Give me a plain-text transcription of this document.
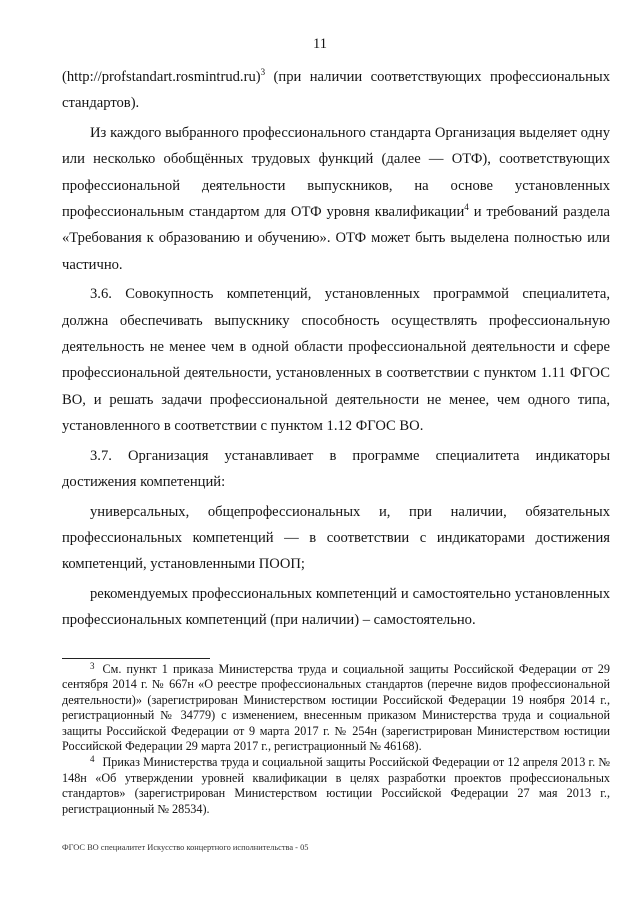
11

(http://profstandart.rosmintrud.ru)$^3$ (при наличии соответствующих профессиональных стандартов).

Из каждого выбранного профессионального стандарта Организация выделяет одну или несколько обобщённых трудовых функций (далее — ОТФ), соответствующих профессиональной деятельности выпускников, на основе установленных профессиональным стандартом для ОТФ уровня квалификации$^4$ и требований раздела «Требования к образованию и обучению». ОТФ может быть выделена полностью или частично.

3.6. Совокупность компетенций, установленных программой специалитета, должна обеспечивать выпускнику способность осуществлять профессиональную деятельность не менее чем в одной области профессиональной деятельности и сфере профессиональной деятельности, установленных в соответствии с пунктом 1.11 ФГОС ВО, и решать задачи профессиональной деятельности не менее, чем одного типа, установленного в соответствии с пунктом 1.12 ФГОС ВО.

3.7. Организация устанавливает в программе специалитета индикаторы достижения компетенций:

универсальных, общепрофессиональных и, при наличии, обязательных профессиональных компетенций — в соответствии с индикаторами достижения компетенций, установленными ПООП;

рекомендуемых профессиональных компетенций и самостоятельно установленных профессиональных компетенций (при наличии) – самостоятельно.

$^3$ См. пункт 1 приказа Министерства труда и социальной защиты Российской Федерации от 29 сентября 2014 г. № 667н «О реестре профессиональных стандартов (перечне видов профессиональной деятельности)» (зарегистрирован Министерством юстиции Российской Федерации 19 ноября 2014 г., регистрационный № 34779) с изменением, внесенным приказом Министерства труда и социальной защиты Российской Федерации от 9 марта 2017 г. № 254н (зарегистрирован Министерством юстиции Российской Федерации 29 марта 2017 г., регистрационный № 46168).

$^4$ Приказ Министерства труда и социальной защиты Российской Федерации от 12 апреля 2013 г. № 148н «Об утверждении уровней квалификации в целях разработки проектов профессиональных стандартов» (зарегистрирован Министерством юстиции Российской Федерации 27 мая 2013 г., регистрационный № 28534).

ФГОС ВО специалитет Искусство концертного исполнительства - 05
